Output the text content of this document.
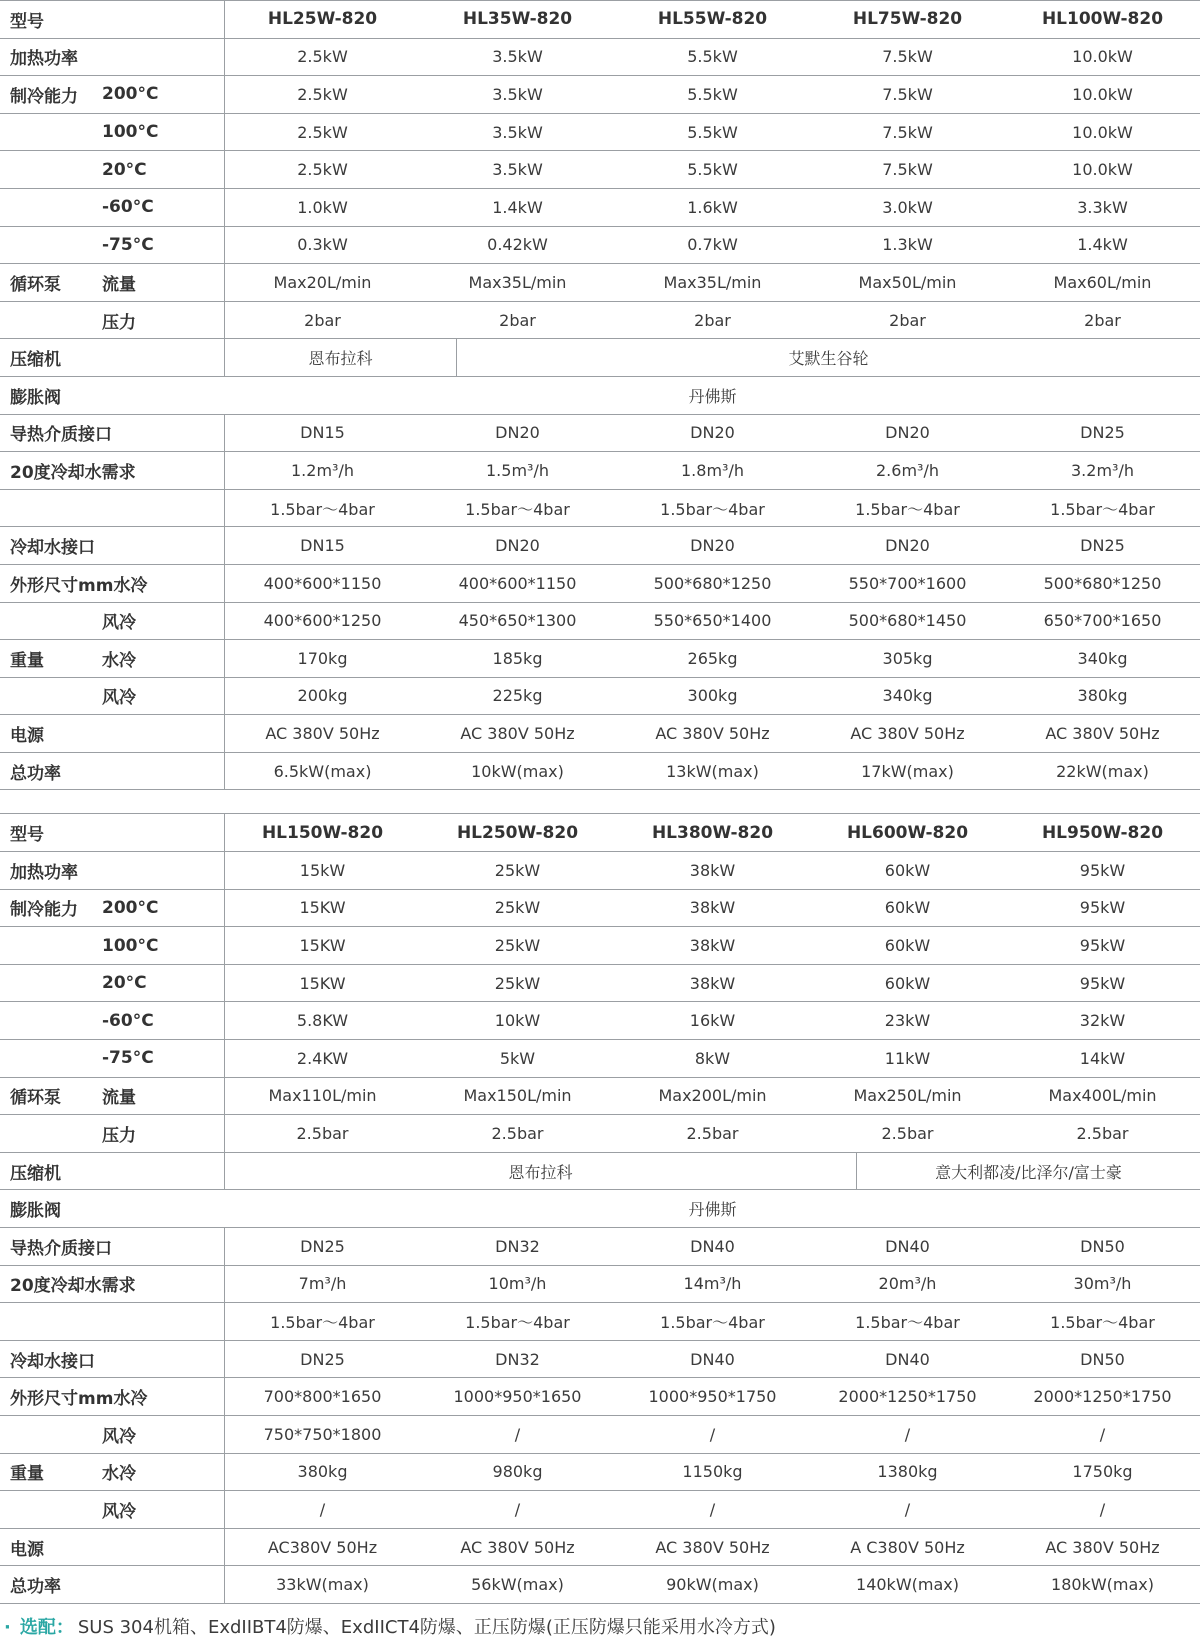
型号	HL25W-820	HL35W-820	HL55W-820	HL75W-820	HL100W-820
加热功率	2.5kW	3.5kW	5.5kW	7.5kW	10.0kW
制冷能力	200°C	2.5kW	3.5kW	5.5kW	7.5kW	10.0kW
100°C	2.5kW	3.5kW	5.5kW	7.5kW	10.0kW
20°C	2.5kW	3.5kW	5.5kW	7.5kW	10.0kW
-60°C	1.0kW	1.4kW	1.6kW	3.0kW	3.3kW
-75°C	0.3kW	0.42kW	0.7kW	1.3kW	1.4kW
循环泵	流量	Max20L/min	Max35L/min	Max35L/min	Max50L/min	Max60L/min
压力	2bar	2bar	2bar	2bar	2bar
压缩机	恩布拉科	艾默生谷轮
膨胀阀	丹佛斯
导热介质接口	DN15	DN20	DN20	DN20	DN25
20度冷却水需求	1.2m³/h	1.5m³/h	1.8m³/h	2.6m³/h	3.2m³/h
1.5bar～4bar	1.5bar～4bar	1.5bar～4bar	1.5bar～4bar	1.5bar～4bar
冷却水接口	DN15	DN20	DN20	DN20	DN25
外形尺寸mm 水冷	400*600*1150	400*600*1150	500*680*1250	550*700*1600	500*680*1250
风冷	400*600*1250	450*650*1300	550*650*1400	500*680*1450	650*700*1650
重量	水冷	170kg	185kg	265kg	305kg	340kg
风冷	200kg	225kg	300kg	340kg	380kg
电源	AC 380V 50Hz	AC 380V 50Hz	AC 380V 50Hz	AC 380V 50Hz	AC 380V 50Hz
总功率	6.5kW(max)	10kW(max)	13kW(max)	17kW(max)	22kW(max)
型号	HL150W-820	HL250W-820	HL380W-820	HL600W-820	HL950W-820
加热功率	15kW	25kW	38kW	60kW	95kW
制冷能力	200°C	15KW	25kW	38kW	60kW	95kW
100°C	15KW	25kW	38kW	60kW	95kW
20°C	15KW	25kW	38kW	60kW	95kW
-60°C	5.8KW	10kW	16kW	23kW	32kW
-75°C	2.4KW	5kW	8kW	11kW	14kW
循环泵	流量	Max110L/min	Max150L/min	Max200L/min	Max250L/min	Max400L/min
压力	2.5bar	2.5bar	2.5bar	2.5bar	2.5bar
压缩机	恩布拉科	意大利都凌/比泽尔/富士豪
膨胀阀	丹佛斯
导热介质接口	DN25	DN32	DN40	DN40	DN50
20度冷却水需求	7m³/h	10m³/h	14m³/h	20m³/h	30m³/h
1.5bar～4bar	1.5bar～4bar	1.5bar～4bar	1.5bar～4bar	1.5bar～4bar
冷却水接口	DN25	DN32	DN40	DN40	DN50
外形尺寸mm 水冷	700*800*1650	1000*950*1650	1000*950*1750	2000*1250*1750	2000*1250*1750
风冷	750*750*1800	/	/	/	/
重量	水冷	380kg	980kg	1150kg	1380kg	1750kg
风冷	/	/	/	/	/
电源	AC380V 50Hz	AC 380V 50Hz	AC 380V 50Hz	A C380V 50Hz	AC 380V 50Hz
总功率	33kW(max)	56kW(max)	90kW(max)	140kW(max)	180kW(max)
· 选配： SUS 304机箱、ExdIIBT4防爆、ExdIICT4防爆、正压防爆(正压防爆只能采用水冷方式)
